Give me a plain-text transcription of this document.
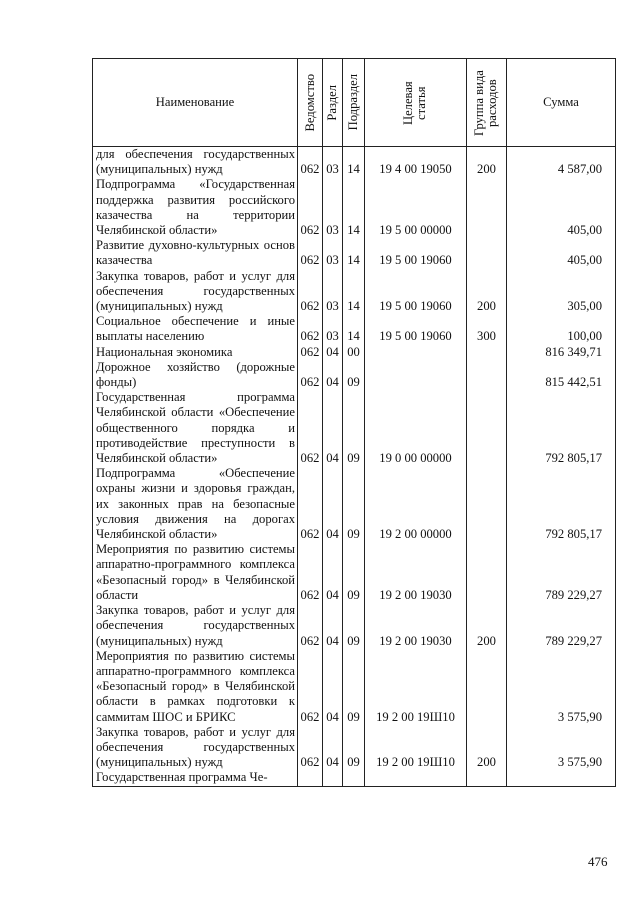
Наименование	Ведомство	Раздел	Подраздел	Целевая статья	Группа вида расходов	Сумма
для обеспечения государственных (муниципальных) нужд	062	03	14	19 4 00 19050	200	4 587,00
Подпрограмма «Государственная поддержка развития российского казачества на территории Челябинской области»	062	03	14	19 5 00 00000		405,00
Развитие духовно-культурных основ казачества	062	03	14	19 5 00 19060		405,00
Закупка товаров, работ и услуг для обеспечения государственных (муниципальных) нужд	062	03	14	19 5 00 19060	200	305,00
Социальное обеспечение и иные выплаты населению	062	03	14	19 5 00 19060	300	100,00
Национальная экономика	062	04	00			816 349,71
Дорожное хозяйство (дорожные фонды)	062	04	09			815 442,51
Государственная программа Челябинской области «Обеспечение общественного порядка и противодействие преступности в Челябинской области»	062	04	09	19 0 00 00000		792 805,17
Подпрограмма «Обеспечение охраны жизни и здоровья граждан, их законных прав на безопасные условия движения на дорогах Челябинской области»	062	04	09	19 2 00 00000		792 805,17
Мероприятия по развитию системы аппаратно-программного комплекса «Безопасный город» в Челябинской области	062	04	09	19 2 00 19030		789 229,27
Закупка товаров, работ и услуг для обеспечения государственных (муниципальных) нужд	062	04	09	19 2 00 19030	200	789 229,27
Мероприятия по развитию системы аппаратно-программного комплекса «Безопасный город» в Челябинской области в рамках подготовки к саммитам ШОС и БРИКС	062	04	09	19 2 00 19Ш10		3 575,90
Закупка товаров, работ и услуг для обеспечения государственных (муниципальных) нужд	062	04	09	19 2 00 19Ш10	200	3 575,90
Государственная программа Че-						
476
